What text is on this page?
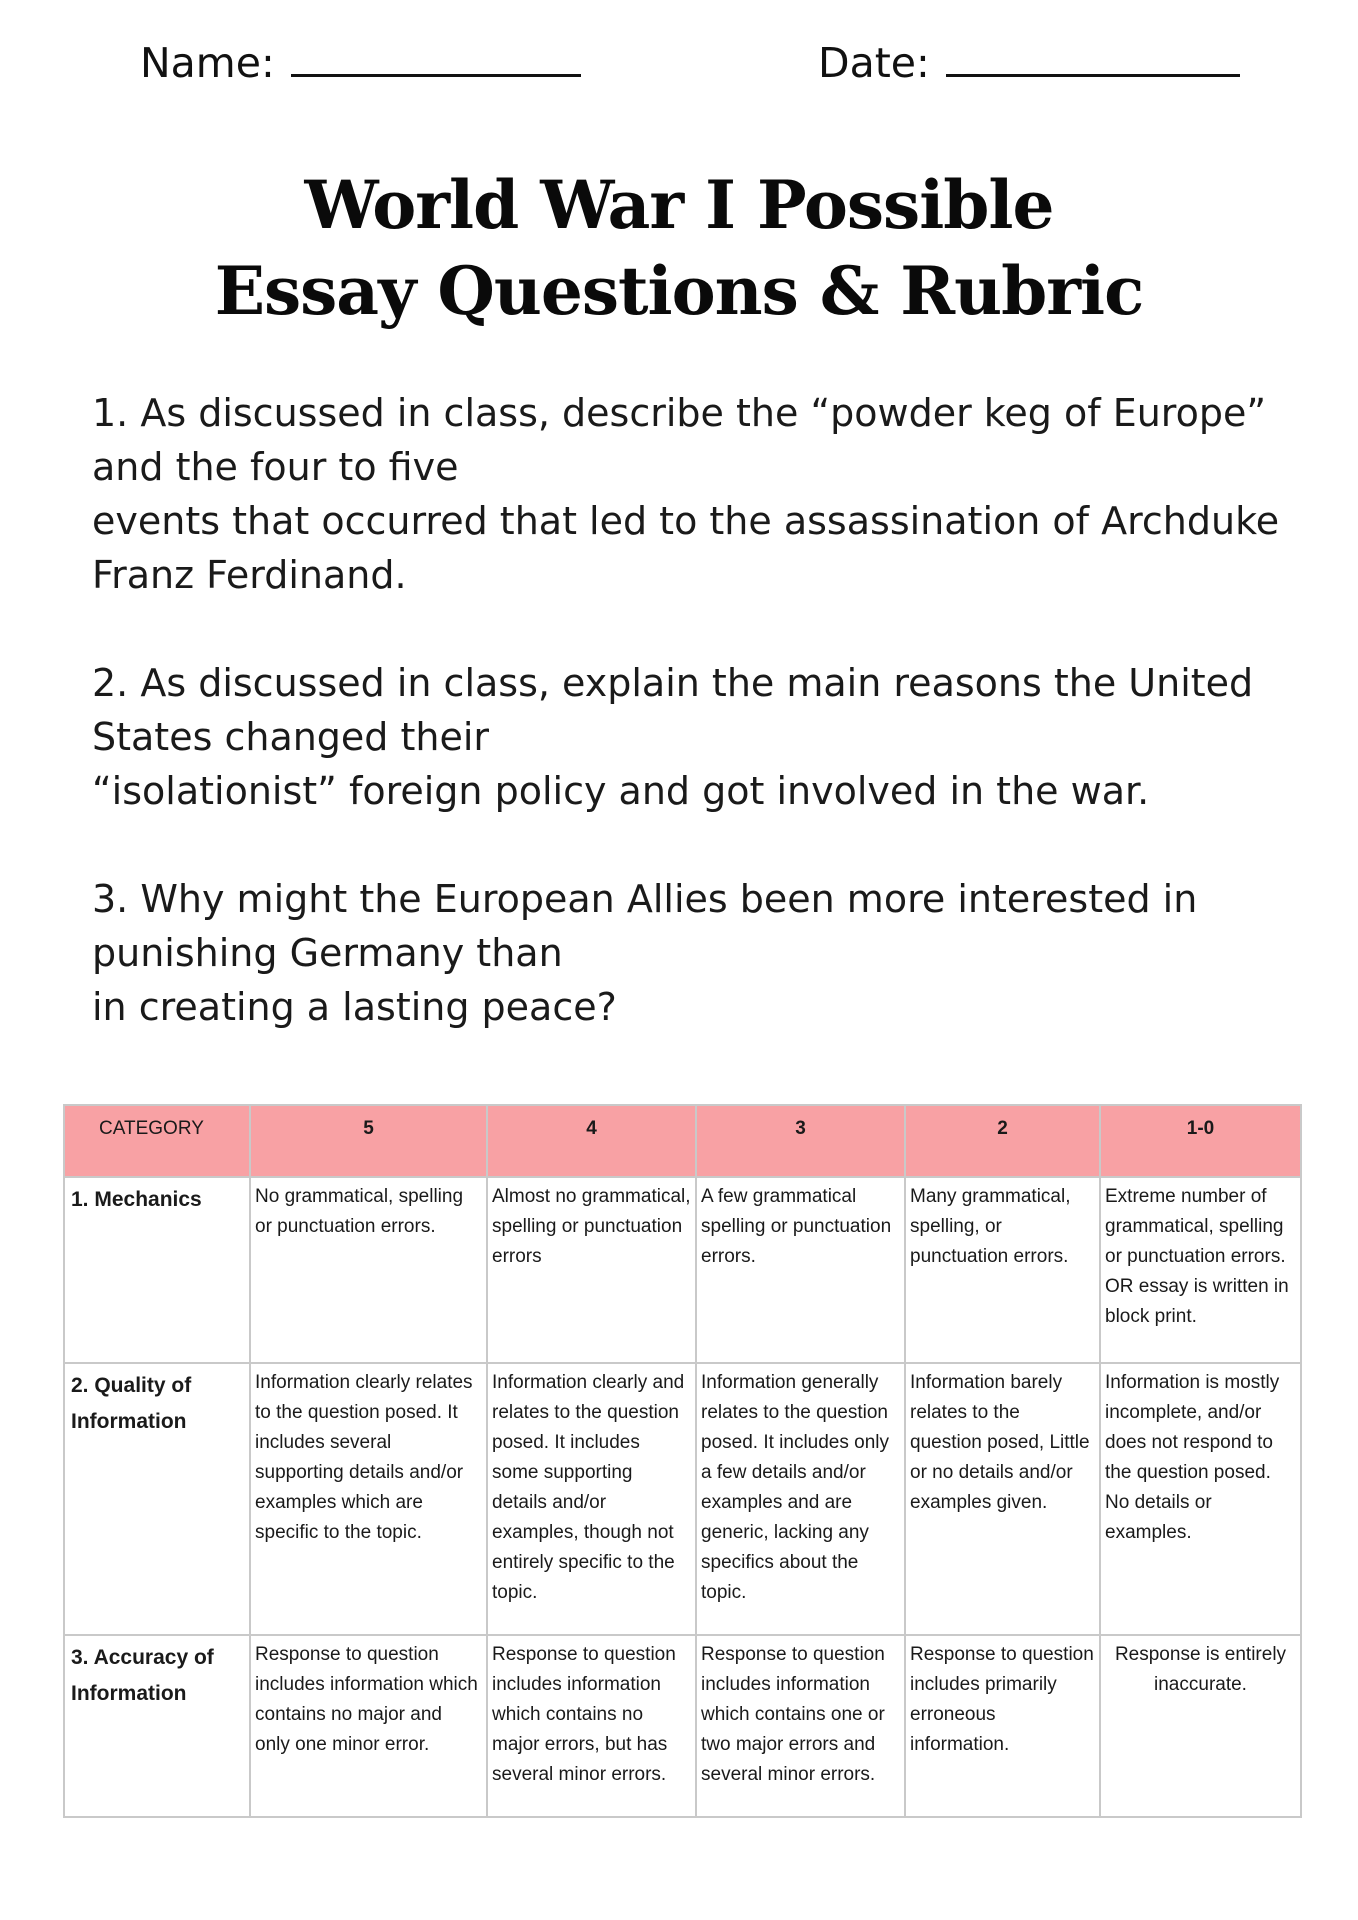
Name:	Date:
World War I Possible
Essay Questions & Rubric
1. As discussed in class, describe the “powder keg of Europe”
and the four to five
events that occurred that led to the assassination of Archduke
Franz Ferdinand.
2. As discussed in class, explain the main reasons the United
States changed their
“isolationist” foreign policy and got involved in the war.
3. Why might the European Allies been more interested in
punishing Germany than
in creating a lasting peace?
CATEGORY	5	4	3	2	1-0
1. Mechanics	No grammatical, spelling or punctuation errors.	Almost no grammatical, spelling or punctuation errors	A few grammatical spelling or punctuation errors.	Many grammatical, spelling, or punctuation errors.	Extreme number of grammatical, spelling or punctuation errors. OR essay is written in block print.
2. Quality of Information	Information clearly relates to the question posed. It includes several supporting details and/or examples which are specific to the topic.	Information clearly and relates to the question posed. It includes some supporting details and/or examples, though not entirely specific to the topic.	Information generally relates to the question posed. It includes only a few details and/or examples and are generic, lacking any specifics about the topic.	Information barely relates to the question posed, Little or no details and/or examples given.	Information is mostly incomplete, and/or does not respond to the question posed. No details or examples.
3. Accuracy of Information	Response to question includes information which contains no major and only one minor error.	Response to question includes information which contains no major errors, but has several minor errors.	Response to question includes information which contains one or two major errors and several minor errors.	Response to question includes primarily erroneous information.	Response is entirely inaccurate.
